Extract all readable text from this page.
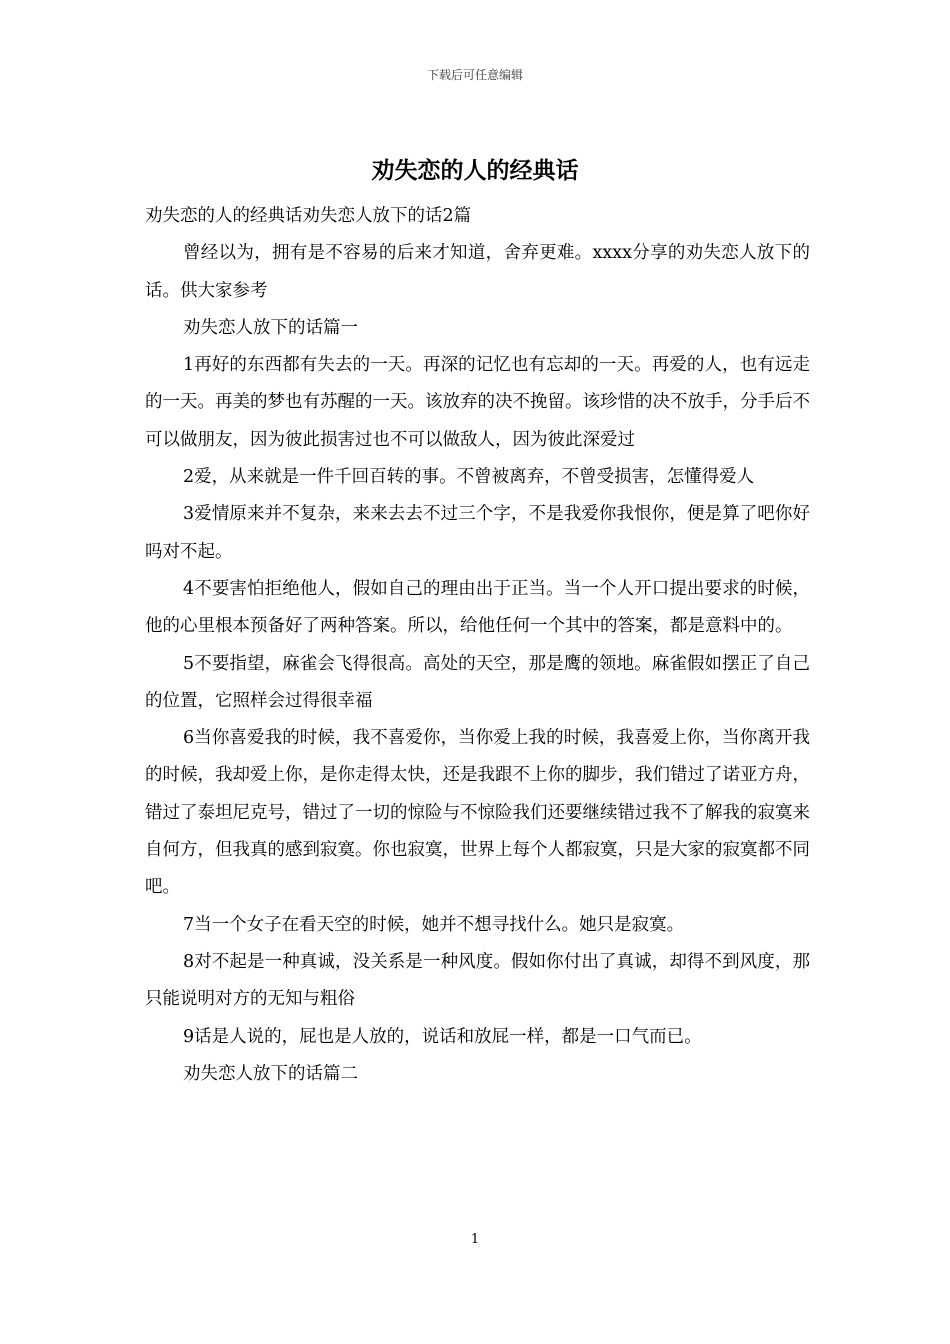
下载后可任意编辑
劝失恋的人的经典话

劝失恋的人的经典话劝失恋人放下的话2篇

曾经以为，拥有是不容易的后来才知道，舍弃更难。xxxx分享的劝失恋人放下的话。供大家参考

劝失恋人放下的话篇一

1再好的东西都有失去的一天。再深的记忆也有忘却的一天。再爱的人，也有远走的一天。再美的梦也有苏醒的一天。该放弃的决不挽留。该珍惜的决不放手，分手后不可以做朋友，因为彼此损害过也不可以做敌人，因为彼此深爱过

2爱，从来就是一件千回百转的事。不曾被离弃，不曾受损害，怎懂得爱人

3爱情原来并不复杂，来来去去不过三个字，不是我爱你我恨你，便是算了吧你好吗对不起。

4不要害怕拒绝他人，假如自己的理由出于正当。当一个人开口提出要求的时候，他的心里根本预备好了两种答案。所以，给他任何一个其中的答案，都是意料中的。

5不要指望，麻雀会飞得很高。高处的天空，那是鹰的领地。麻雀假如摆正了自己的位置，它照样会过得很幸福

6当你喜爱我的时候，我不喜爱你，当你爱上我的时候，我喜爱上你，当你离开我的时候，我却爱上你，是你走得太快，还是我跟不上你的脚步，我们错过了诺亚方舟，错过了泰坦尼克号，错过了一切的惊险与不惊险我们还要继续错过我不了解我的寂寞来自何方，但我真的感到寂寞。你也寂寞，世界上每个人都寂寞，只是大家的寂寞都不同吧。

7当一个女子在看天空的时候，她并不想寻找什么。她只是寂寞。

8对不起是一种真诚，没关系是一种风度。假如你付出了真诚，却得不到风度，那只能说明对方的无知与粗俗

9话是人说的，屁也是人放的，说话和放屁一样，都是一口气而已。

劝失恋人放下的话篇二

1
